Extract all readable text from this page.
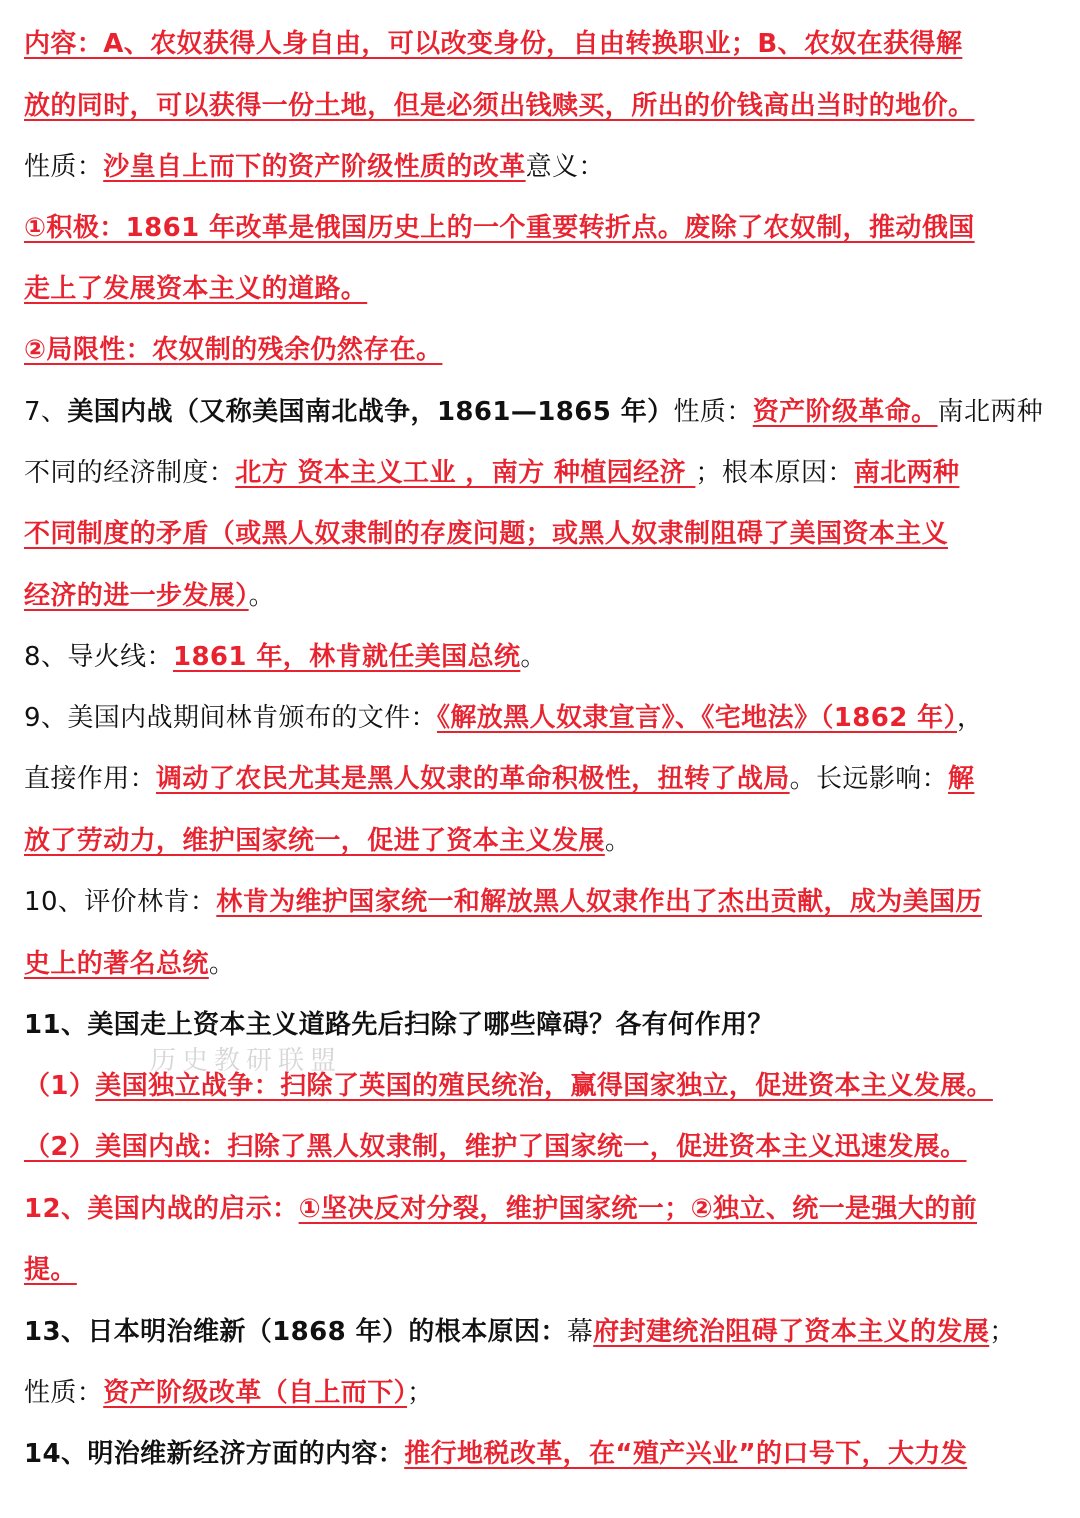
内容：A、农奴获得人身自由，可以改变身份，自由转换职业；B、农奴在获得解
放的同时，可以获得一份土地，但是必须出钱赎买，所出的价钱高出当时的地价。
性质：沙皇自上而下的资产阶级性质的改革意义：
①积极：1861 年改革是俄国历史上的一个重要转折点。废除了农奴制，推动俄国
走上了发展资本主义的道路。
②局限性：农奴制的残余仍然存在。
7、美国内战（又称美国南北战争，1861—1865 年）性质：资产阶级革命。南北两种
不同的经济制度：北方 资本主义工业 ，南方 种植园经济 ；根本原因：南北两种
不同制度的矛盾（或黑人奴隶制的存废问题；或黑人奴隶制阻碍了美国资本主义
经济的进一步发展）。
8、导火线：1861 年，林肯就任美国总统。
9、美国内战期间林肯颁布的文件：《解放黑人奴隶宣言》、《宅地法》（1862 年），
直接作用：调动了农民尤其是黑人奴隶的革命积极性，扭转了战局。长远影响：解
放了劳动力，维护国家统一，促进了资本主义发展。
10、评价林肯：林肯为维护国家统一和解放黑人奴隶作出了杰出贡献，成为美国历
史上的著名总统。
11、美国走上资本主义道路先后扫除了哪些障碍？各有何作用？
历史教研联盟
（1）美国独立战争：扫除了英国的殖民统治，赢得国家独立，促进资本主义发展。
（2）美国内战：扫除了黑人奴隶制，维护了国家统一，促进资本主义迅速发展。
12、美国内战的启示：①坚决反对分裂，维护国家统一；②独立、统一是强大的前
提。
13、日本明治维新（1868 年）的根本原因：幕府封建统治阻碍了资本主义的发展；
性质：资产阶级改革（自上而下）；
14、明治维新经济方面的内容：推行地税改革，在“殖产兴业”的口号下，大力发
